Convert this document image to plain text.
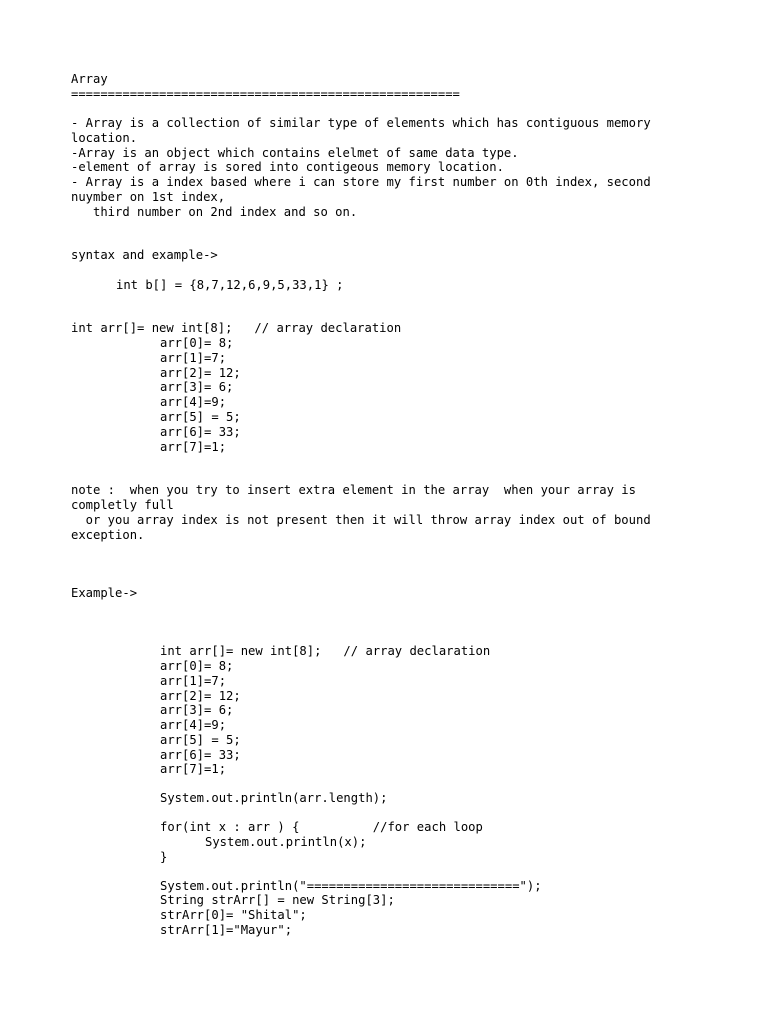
Array

=====================================================

- Array is a collection of similar type of elements which has contiguous memory

location.

-Array is an object which contains elelmet of same data type.

-element of array is sored into contigeous memory location.

- Array is a index based where i can store my first number on 0th index, second

nuymber on 1st index,

third number on 2nd index and so on.

syntax and example->

int b[] = {8,7,12,6,9,5,33,1} ;

int arr[]= new int[8];   // array declaration

arr[0]= 8;

arr[1]=7;

arr[2]= 12;

arr[3]= 6;

arr[4]=9;

arr[5] = 5;

arr[6]= 33;

arr[7]=1;

note :  when you try to insert extra element in the array  when your array is

completly full

or you array index is not present then it will throw array index out of bound

exception.

Example->

int arr[]= new int[8];   // array declaration

arr[0]= 8;

arr[1]=7;

arr[2]= 12;

arr[3]= 6;

arr[4]=9;

arr[5] = 5;

arr[6]= 33;

arr[7]=1;

System.out.println(arr.length);

for(int x : arr ) {          //for each loop

System.out.println(x);

}

System.out.println("=============================");

String strArr[] = new String[3];

strArr[0]= "Shital";

strArr[1]="Mayur";
